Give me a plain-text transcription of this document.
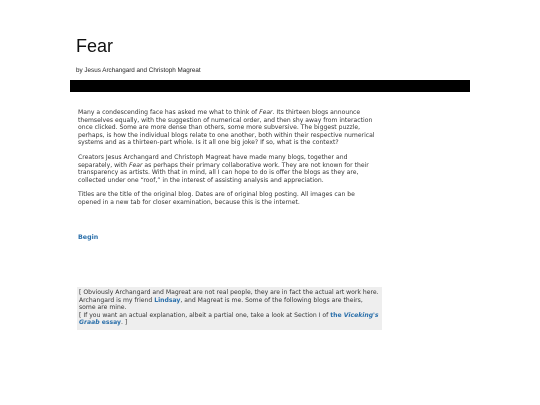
Fear

by Jesus Archangard and Christoph Magreat

Many a condescending face has asked me what to think of Fear. Its thirteen blogs announce themselves equally, with the suggestion of numerical order, and then shy away from interaction once clicked. Some are more dense than others, some more subversive. The biggest puzzle, perhaps, is how the individual blogs relate to one another, both within their respective numerical systems and as a thirteen-part whole. Is it all one big joke? If so, what is the context?

Creators Jesus Archangard and Christoph Magreat have made many blogs, together and separately, with Fear as perhaps their primary collaborative work. They are not known for their transparency as artists. With that in mind, all I can hope to do is offer the blogs as they are, collected under one “roof,” in the interest of assisting analysis and appreciation.

Titles are the title of the original blog. Dates are of original blog posting. All images can be opened in a new tab for closer examination, because this is the internet.

Begin
[ Obviously Archangard and Magreat are not real people, they are in fact the actual art work here. Archangard is my friend Lindsay, and Magreat is me. Some of the following blogs are theirs, some are mine.
[ If you want an actual explanation, albeit a partial one, take a look at Section I of the Viceking's Graab essay. ]
